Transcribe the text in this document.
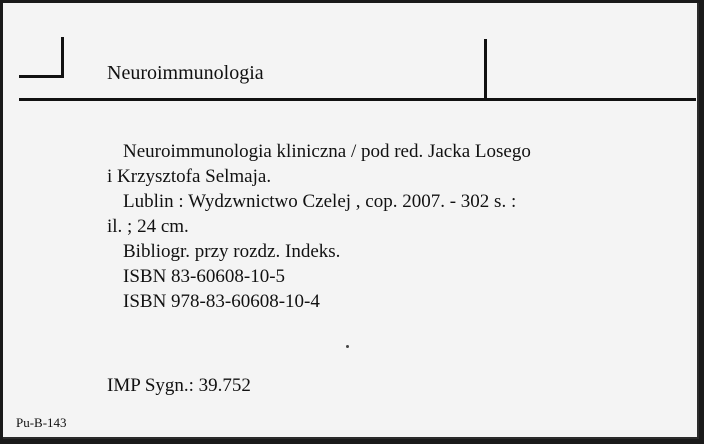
Neuroimmunologia
Neuroimmunologia kliniczna / pod red. Jacka Losego
i Krzysztofa Selmaja.
Lublin : Wydzwnictwo Czelej , cop. 2007. - 302 s. :
il. ; 24 cm.
Bibliogr. przy rozdz. Indeks.
ISBN 83-60608-10-5
ISBN 978-83-60608-10-4
IMP Sygn.: 39.752
Pu-B-143
